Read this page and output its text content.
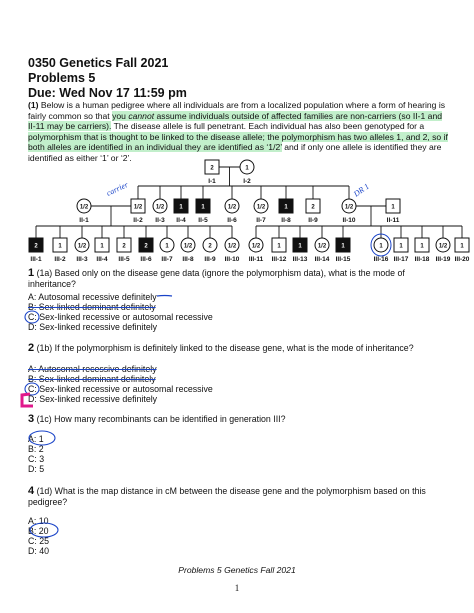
0350 Genetics Fall 2021
Problems 5
Due: Wed Nov 17 11:59 pm
(1) Below is a human pedigree where all individuals are from a localized population where a form of hearing is fairly common so that you cannot assume individuals outside of affected families are non-carriers (so II-1 and II-11 may be carriers). The disease allele is full penetrant. Each individual has also been genotyped for a polymorphism that is thought to be linked to the disease allele; the polymorphism has two alleles 1, and 2, so if both alleles are identified in an individual they are identified as ‘1/2’ and if only one allele is identified they are identified as either ‘1’ or ‘2’.
2
I-1
1
I-2
1/2
II-1
1/2
II-2
1/2
II-3
1
II-4
1
II-5
1/2
II-6
1/2
II-7
1
II-8
2
II-9
1/2
II-10
1
II-11
2
III-1
1
III-2
1/2
III-3
1
III-4
2
III-5
2
III-6
1
III-7
1/2
III-8
2
III-9
1/2
III-10
1/2
III-11
1
III-12
1
III-13
1/2
III-14
1
III-15
1
III-16
1
III-17
1
III-18
1/2
III-19
1
III-20
carrier	DR 1
1 (1a) Based only on the disease gene data (ignore the polymorphism data), what is the mode of inheritance?
A: Autosomal recessive definitely
B: Sex-linked dominant definitely
C: Sex-linked recessive or autosomal recessive
D: Sex-linked recessive definitely
2 (1b) If the polymorphism is definitely linked to the disease gene, what is the mode of inheritance?
A: Autosomal recessive definitely
B: Sex-linked dominant definitely
C: Sex-linked recessive or autosomal recessive
D: Sex-linked recessive definitely
3 (1c) How many recombinants can be identified in generation III?
A: 1
B: 2
C: 3
D: 5
4 (1d) What is the map distance in cM between the disease gene and the polymorphism based on this pedigree?
A: 10
B: 20
C: 25
D: 40
Problems 5 Genetics Fall 2021
1
